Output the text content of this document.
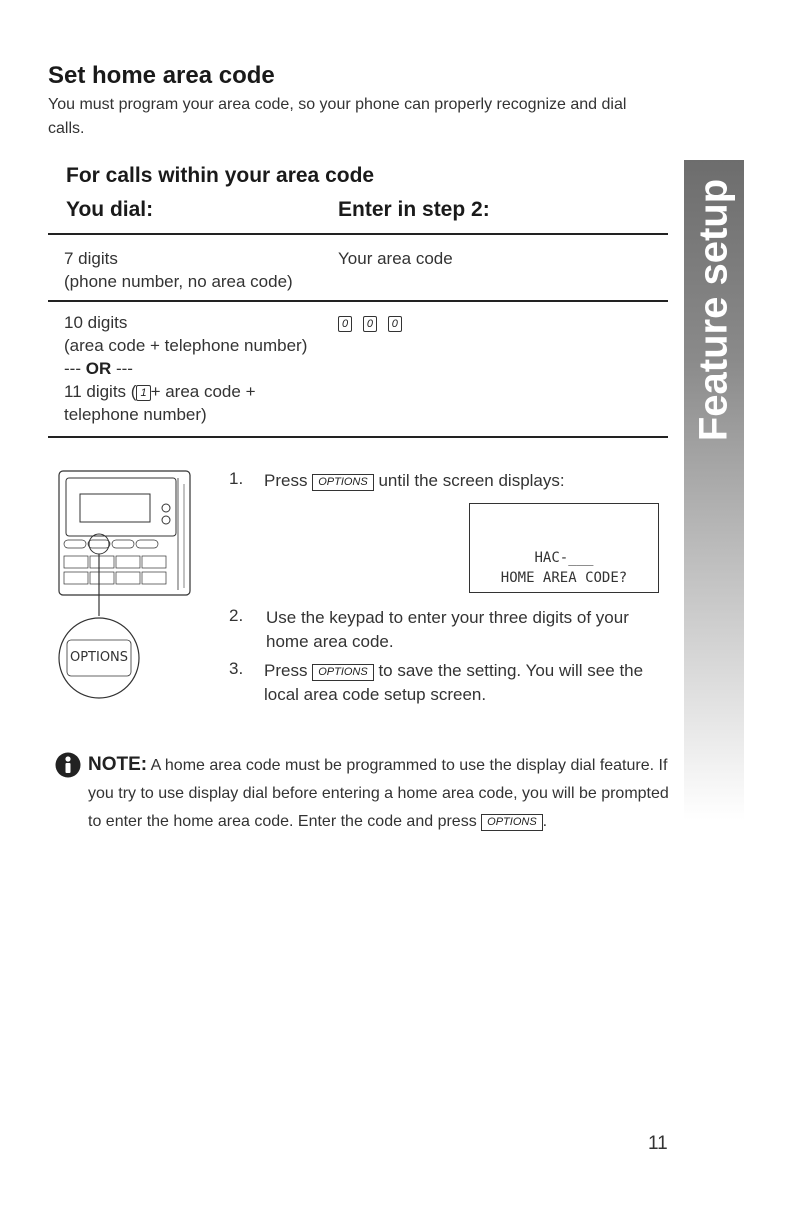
Set home area code
You must program your area code, so your phone can properly recognize and dial calls.
For calls within your area code
You dial:	Enter in step 2:
7 digits
(phone number, no area code)
Your area code
10 digits
(area code + telephone number)
--- OR ---
11 digits ( 1 + area code +
telephone number)
0 0 0
OPTIONS
1. Press OPTIONS until the screen displays:
HAC-___
HOME AREA CODE?
2. Use the keypad to enter your three digits of your home area code.
3. Press OPTIONS to save the setting. You will see the local area code setup screen.
Feature setup
NOTE: A home area code must be programmed to use the display dial feature. If you try to use display dial before entering a home area code, you will be prompted to enter the home area code. Enter the code and press OPTIONS .
11
